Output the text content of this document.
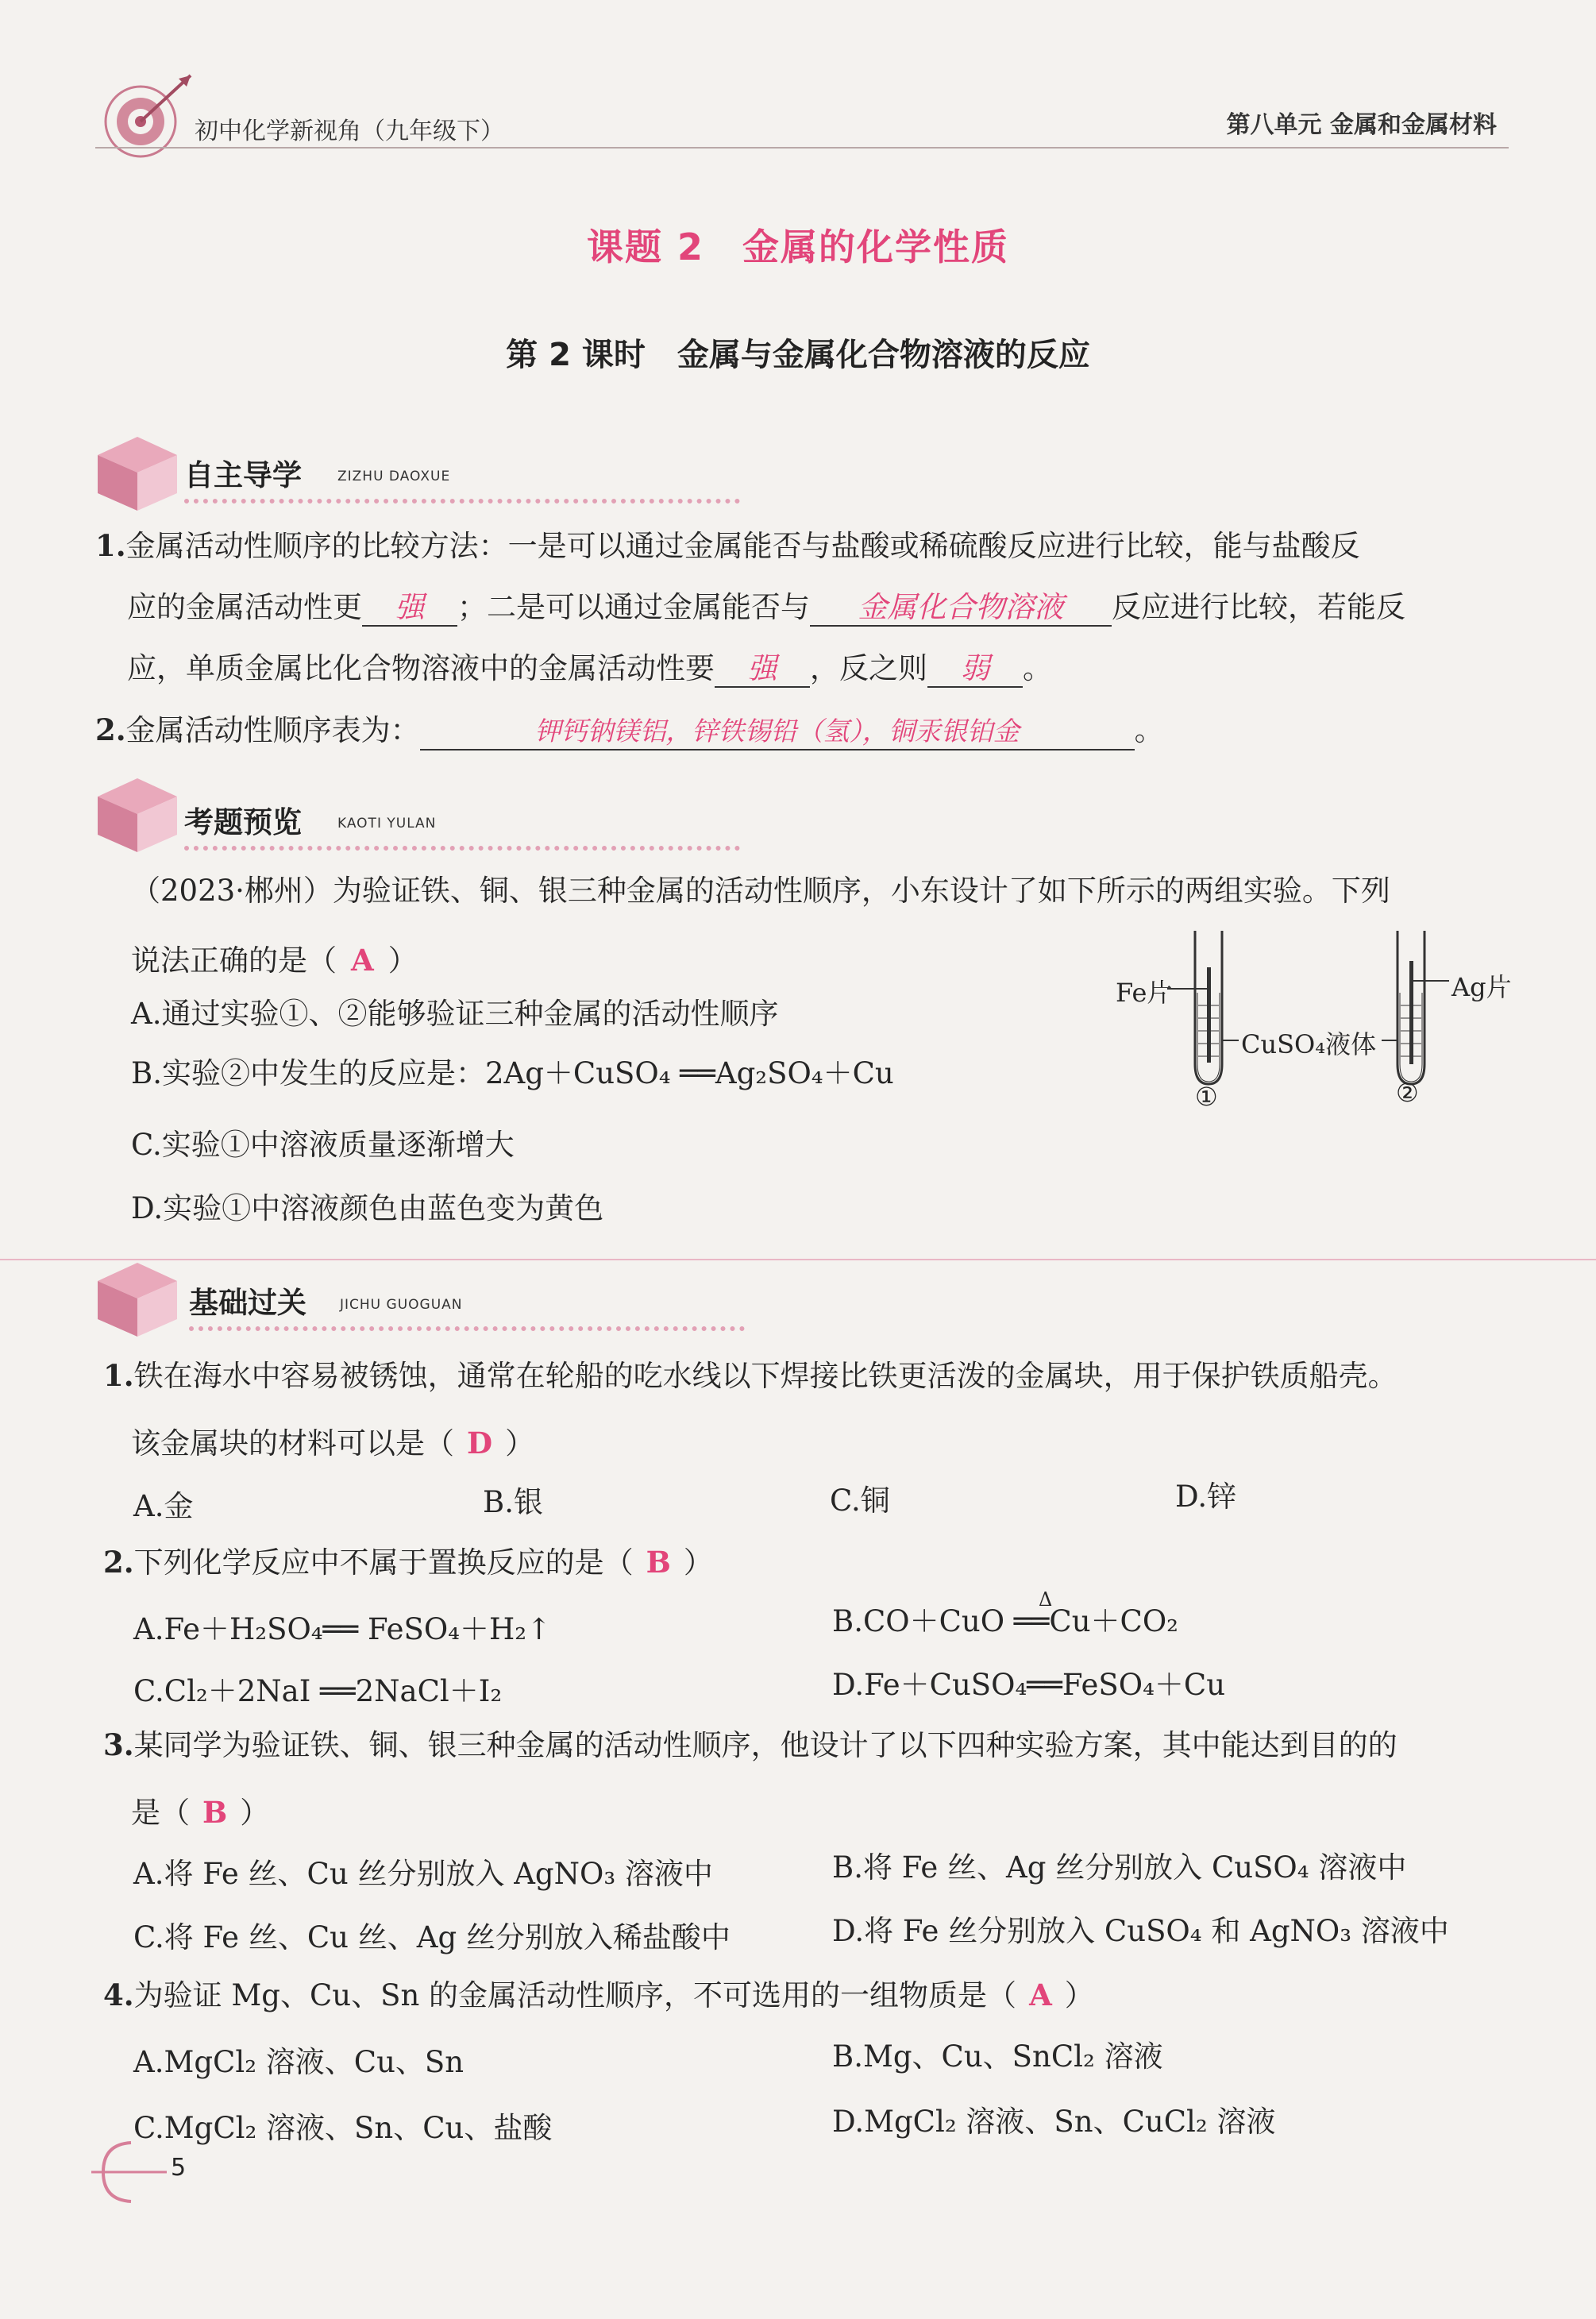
初中化学新视角（九年级下）	第八单元 金属和金属材料
课题 2　金属的化学性质
第 2 课时　金属与金属化合物溶液的反应
自主导学	ZIZHU DAOXUE
1.金属活动性顺序的比较方法：一是可以通过金属能否与盐酸或稀硫酸反应进行比较，能与盐酸反
应的金属活动性更 强 ；二是可以通过金属能否与 金属化合物溶液 反应进行比较，若能反
应，单质金属比化合物溶液中的金属活动性要 强 ，反之则 弱 。
2.金属活动性顺序表为：	钾钙钠镁铝，锌铁锡铅（氢），铜汞银铂金	。
考题预览	KAOTI YULAN
（2023·郴州）为验证铁、铜、银三种金属的活动性顺序，小东设计了如下所示的两组实验。下列
说法正确的是（ A ）
A.通过实验①、②能够验证三种金属的活动性顺序
B.实验②中发生的反应是：2Ag＋CuSO₄ ══Ag₂SO₄＋Cu
C.实验①中溶液质量逐渐增大
D.实验①中溶液颜色由蓝色变为黄色
Fe片	Ag片
CuSO₄液体
①	②
基础过关 JICHU GUOGUAN
1.铁在海水中容易被锈蚀，通常在轮船的吃水线以下焊接比铁更活泼的金属块，用于保护铁质船壳。
该金属块的材料可以是（ D ）
A.金	B.银	C.铜	D.锌
2.下列化学反应中不属于置换反应的是（ B ）
A.Fe＋H₂SO₄══ FeSO₄＋H₂↑
Δ
B.CO＋CuO ══Cu＋CO₂
C.Cl₂＋2NaI ══2NaCl＋I₂	D.Fe＋CuSO₄══FeSO₄＋Cu
3.某同学为验证铁、铜、银三种金属的活动性顺序，他设计了以下四种实验方案，其中能达到目的的
是（ B ）
A.将 Fe 丝、Cu 丝分别放入 AgNO₃ 溶液中	B.将 Fe 丝、Ag 丝分别放入 CuSO₄ 溶液中
C.将 Fe 丝、Cu 丝、Ag 丝分别放入稀盐酸中	D.将 Fe 丝分别放入 CuSO₄ 和 AgNO₃ 溶液中
4.为验证 Mg、Cu、Sn 的金属活动性顺序，不可选用的一组物质是（ A ）
A.MgCl₂ 溶液、Cu、Sn	B.Mg、Cu、SnCl₂ 溶液
C.MgCl₂ 溶液、Sn、Cu、盐酸	D.MgCl₂ 溶液、Sn、CuCl₂ 溶液
5
